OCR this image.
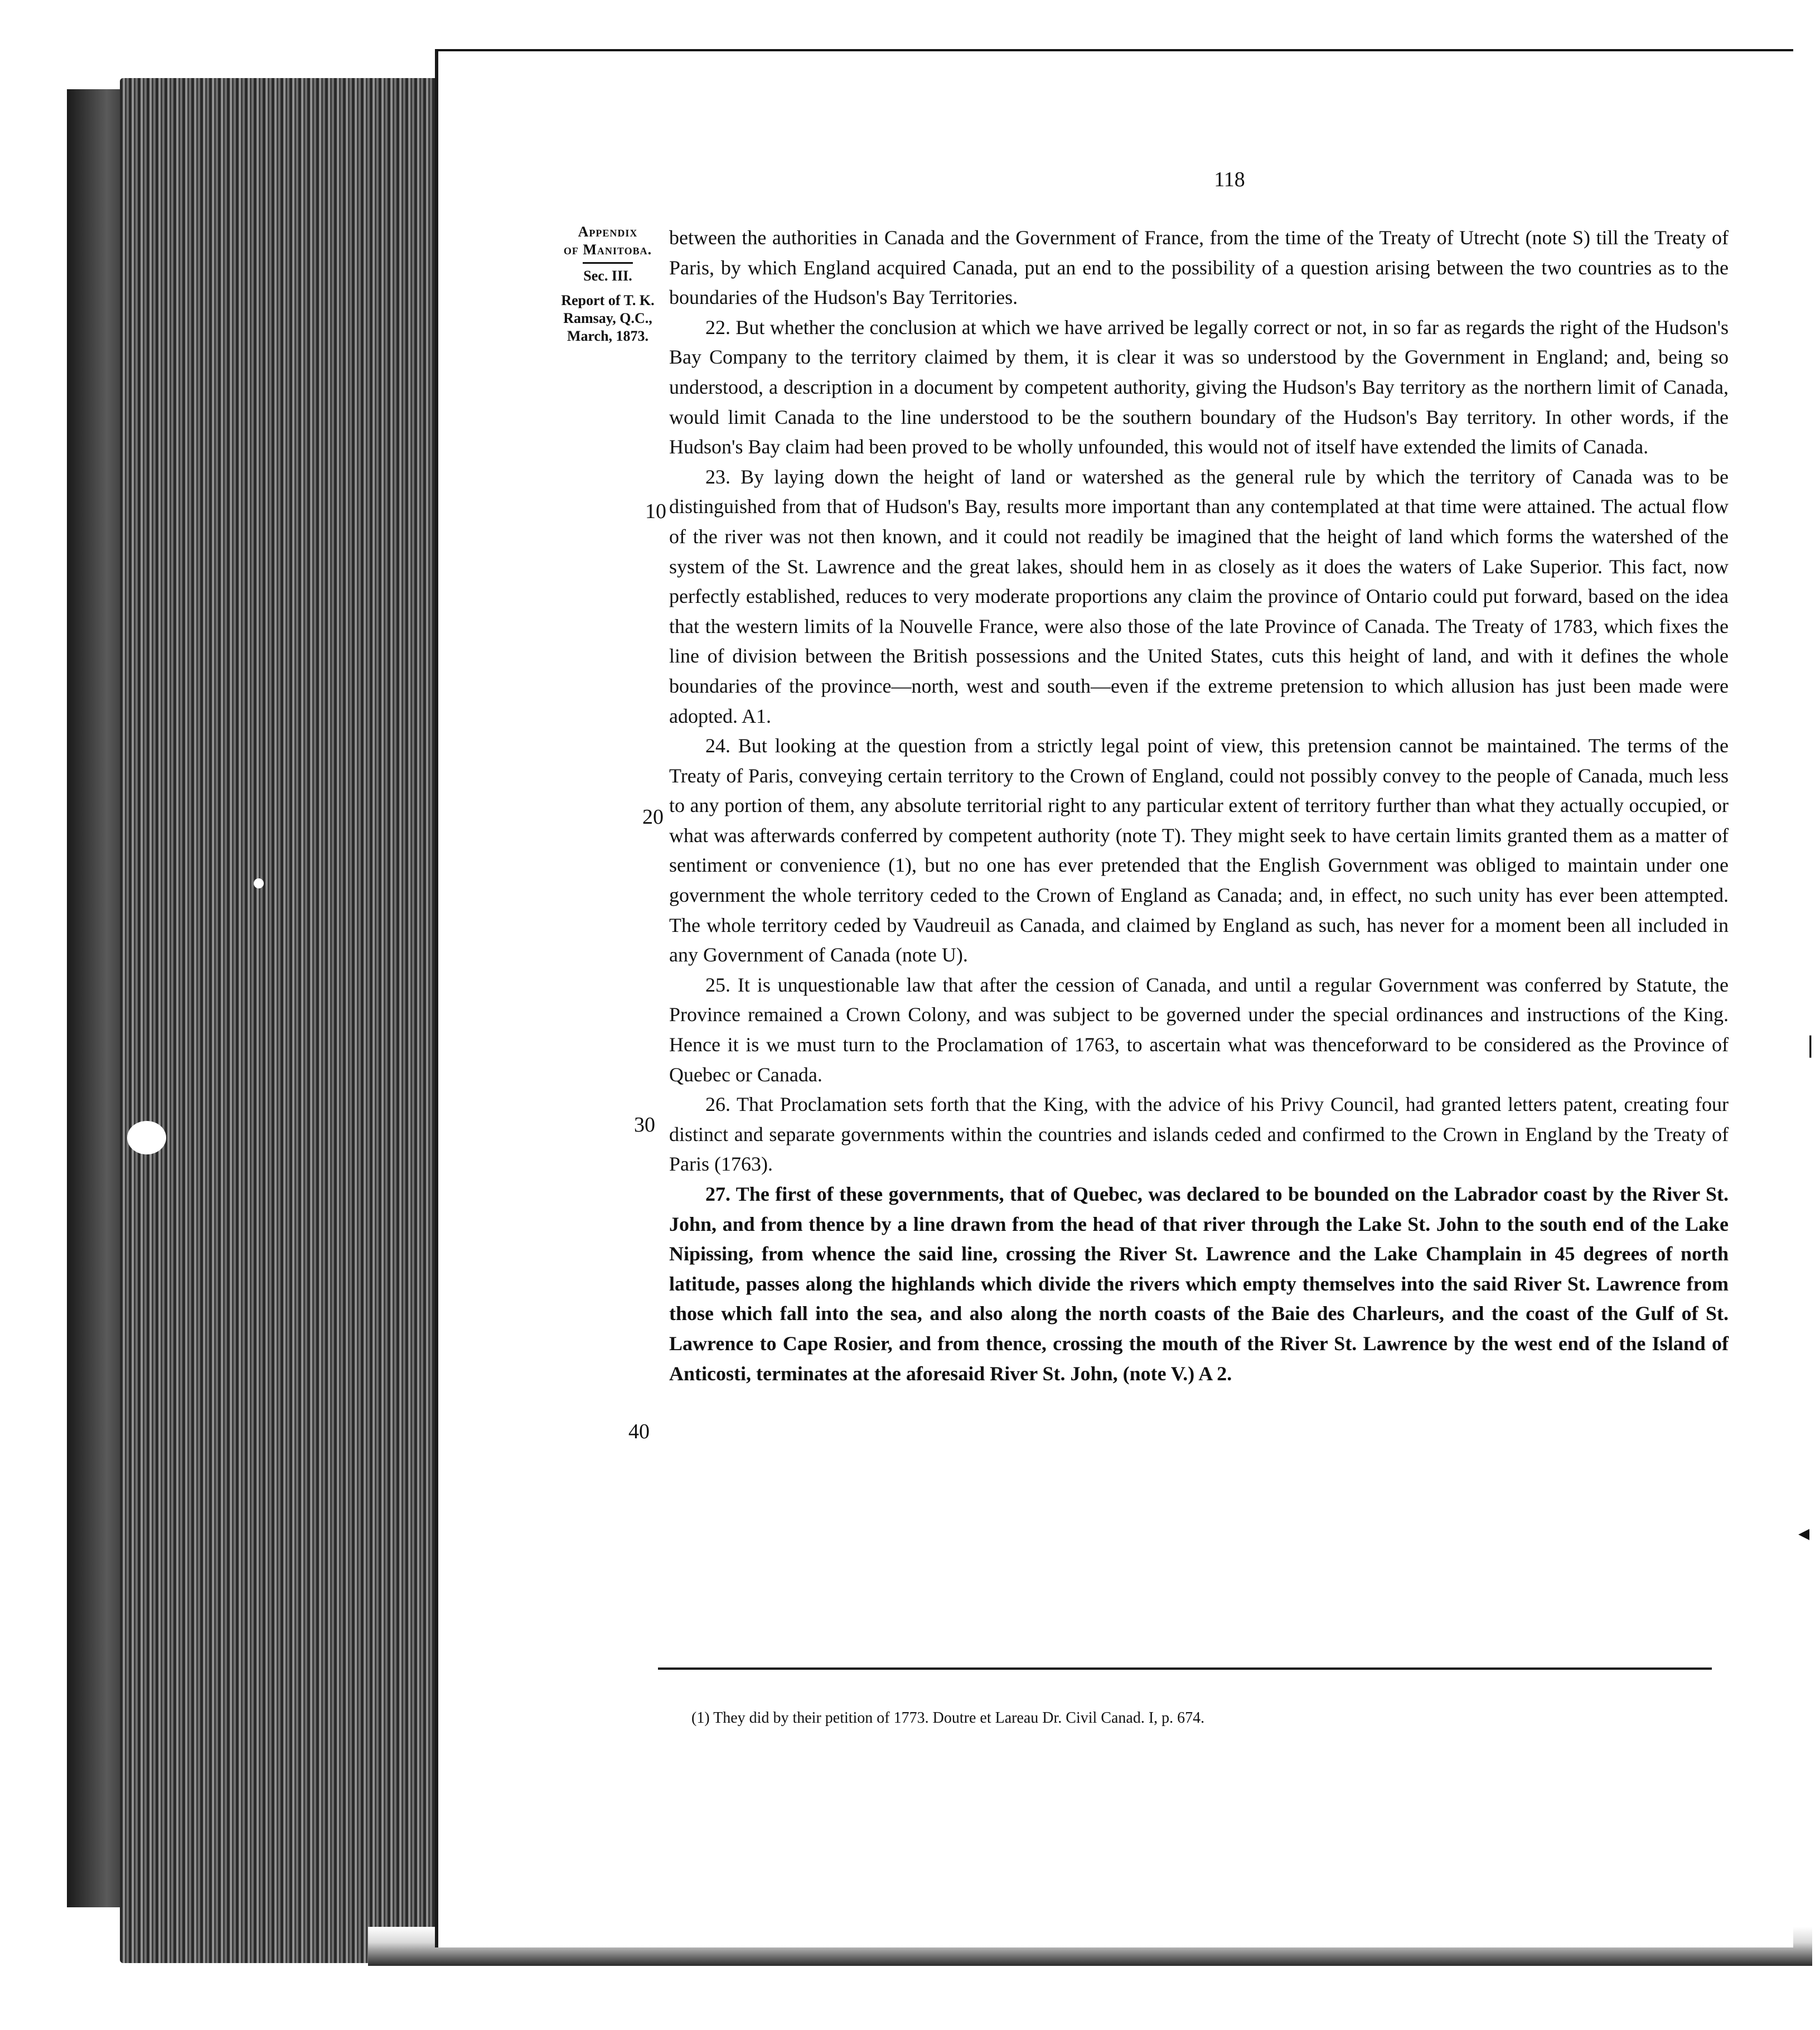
118
Appendix
of Manitoba.
Sec. III.
Report of T. K. Ramsay, Q.C., March, 1873.
10
20
30
40

between the authorities in Canada and the Government of France, from the time of the Treaty of Utrecht (note S) till the Treaty of Paris, by which England acquired Canada, put an end to the possibility of a question arising between the two countries as to the boundaries of the Hudson's Bay Territories.

22. But whether the conclusion at which we have arrived be legally correct or not, in so far as regards the right of the Hudson's Bay Company to the territory claimed by them, it is clear it was so understood by the Government in England; and, being so understood, a description in a document by competent authority, giving the Hudson's Bay territory as the northern limit of Canada, would limit Canada to the line understood to be the southern boundary of the Hudson's Bay territory. In other words, if the Hudson's Bay claim had been proved to be wholly unfounded, this would not of itself have extended the limits of Canada.

23. By laying down the height of land or watershed as the general rule by which the territory of Canada was to be distinguished from that of Hudson's Bay, results more important than any contemplated at that time were attained. The actual flow of the river was not then known, and it could not readily be imagined that the height of land which forms the watershed of the system of the St. Lawrence and the great lakes, should hem in as closely as it does the waters of Lake Superior. This fact, now perfectly established, reduces to very moderate proportions any claim the province of Ontario could put forward, based on the idea that the western limits of la Nouvelle France, were also those of the late Province of Canada. The Treaty of 1783, which fixes the line of division between the British possessions and the United States, cuts this height of land, and with it defines the whole boundaries of the province—north, west and south—even if the extreme pretension to which allusion has just been made were adopted. A1.

24. But looking at the question from a strictly legal point of view, this pretension cannot be maintained. The terms of the Treaty of Paris, conveying certain territory to the Crown of England, could not possibly convey to the people of Canada, much less to any portion of them, any absolute territorial right to any particular extent of territory further than what they actually occupied, or what was afterwards conferred by competent authority (note T). They might seek to have certain limits granted them as a matter of sentiment or convenience (1), but no one has ever pretended that the English Government was obliged to maintain under one government the whole territory ceded to the Crown of England as Canada; and, in effect, no such unity has ever been attempted. The whole territory ceded by Vaudreuil as Canada, and claimed by England as such, has never for a moment been all included in any Government of Canada (note U).

25. It is unquestionable law that after the cession of Canada, and until a regular Government was conferred by Statute, the Province remained a Crown Colony, and was subject to be governed under the special ordinances and instructions of the King. Hence it is we must turn to the Proclamation of 1763, to ascertain what was thenceforward to be considered as the Province of Quebec or Canada.

26. That Proclamation sets forth that the King, with the advice of his Privy Council, had granted letters patent, creating four distinct and separate governments within the countries and islands ceded and confirmed to the Crown in England by the Treaty of Paris (1763).

27. The first of these governments, that of Quebec, was declared to be bounded on the Labrador coast by the River St. John, and from thence by a line drawn from the head of that river through the Lake St. John to the south end of the Lake Nipissing, from whence the said line, crossing the River St. Lawrence and the Lake Champlain in 45 degrees of north latitude, passes along the highlands which divide the rivers which empty themselves into the said River St. Lawrence from those which fall into the sea, and also along the north coasts of the Baie des Charleurs, and the coast of the Gulf of St. Lawrence to Cape Rosier, and from thence, crossing the mouth of the River St. Lawrence by the west end of the Island of Anticosti, terminates at the aforesaid River St. John, (note V.) A 2.

(1) They did by their petition of 1773. Doutre et Lareau Dr. Civil Canad. I, p. 674.
❘
◂
